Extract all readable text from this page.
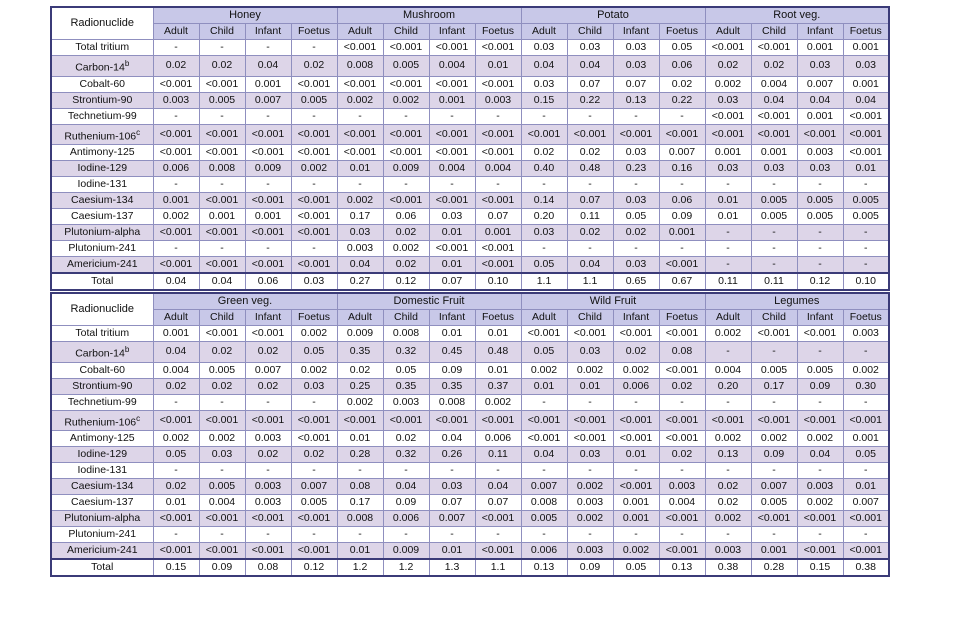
Radionuclide	Honey				Mushroom				Potato				Root veg.			
	Adult	Child	Infant	Foetus	Adult	Child	Infant	Foetus	Adult	Child	Infant	Foetus	Adult	Child	Infant	Foetus
Total tritium	-	-	-	-	<0.001	<0.001	<0.001	<0.001	0.03	0.03	0.03	0.05	<0.001	<0.001	0.001	0.001
Carbon-14$^b$	0.02	0.02	0.04	0.02	0.008	0.005	0.004	0.01	0.04	0.04	0.03	0.06	0.02	0.02	0.03	0.03
Cobalt-60	<0.001	<0.001	0.001	<0.001	<0.001	<0.001	<0.001	<0.001	0.03	0.07	0.07	0.02	0.002	0.004	0.007	0.001
Strontium-90	0.003	0.005	0.007	0.005	0.002	0.002	0.001	0.003	0.15	0.22	0.13	0.22	0.03	0.04	0.04	0.04
Technetium-99	-	-	-	-	-	-	-	-	-	-	-	-	<0.001	<0.001	0.001	<0.001
Ruthenium-$106^c$	<0.001	<0.001	<0.001	<0.001	<0.001	<0.001	<0.001	<0.001	<0.001	<0.001	<0.001	<0.001	<0.001	<0.001	<0.001	<0.001
Antimony-125	<0.001	<0.001	<0.001	<0.001	<0.001	<0.001	<0.001	<0.001	0.02	0.02	0.03	0.007	0.001	0.001	0.003	<0.001
Iodine-129	0.006	0.008	0.009	0.002	0.01	0.009	0.004	0.004	0.40	0.48	0.23	0.16	0.03	0.03	0.03	0.01
Iodine-131	-	-	-	-	-	-	-	-	-	-	-	-	-	-	-	-
Caesium-134	0.001	<0.001	<0.001	<0.001	0.002	<0.001	<0.001	<0.001	0.14	0.07	0.03	0.06	0.01	0.005	0.005	0.005
Caesium-137	0.002	0.001	0.001	<0.001	0.17	0.06	0.03	0.07	0.20	0.11	0.05	0.09	0.01	0.005	0.005	0.005
Plutonium-alpha	<0.001	<0.001	<0.001	<0.001	0.03	0.02	0.01	0.001	0.03	0.02	0.02	0.001	-	-	-	-
Plutonium-241	-	-	-	-	0.003	0.002	<0.001	<0.001	-	-	-	-	-	-	-	-
Americium-241	<0.001	<0.001	<0.001	<0.001	0.04	0.02	0.01	<0.001	0.05	0.04	0.03	<0.001	-	-	-	-
Total	0.04	0.04	0.06	0.03	0.27	0.12	0.07	0.10	1.1	1.1	0.65	0.67	0.11	0.11	0.12	0.10
Radionuclide	Green veg.				Domestic Fruit				Wild Fruit				Legumes			
	Adult	Child	Infant	Foetus	Adult	Child	Infant	Foetus	Adult	Child	Infant	Foetus	Adult	Child	Infant	Foetus
Total tritium	0.001	<0.001	<0.001	0.002	0.009	0.008	0.01	0.01	<0.001	<0.001	<0.001	<0.001	0.002	<0.001	<0.001	0.003
Carbon-14$^b$	0.04	0.02	0.02	0.05	0.35	0.32	0.45	0.48	0.05	0.03	0.02	0.08	-	-	-	-
Cobalt-60	0.004	0.005	0.007	0.002	0.02	0.05	0.09	0.01	0.002	0.002	0.002	<0.001	0.004	0.005	0.005	0.002
Strontium-90	0.02	0.02	0.02	0.03	0.25	0.35	0.35	0.37	0.01	0.01	0.006	0.02	0.20	0.17	0.09	0.30
Technetium-99	-	-	-	-	0.002	0.003	0.008	0.002	-	-	-	-	-	-	-	-
Ruthenium-$106^c$	<0.001	<0.001	<0.001	<0.001	<0.001	<0.001	<0.001	<0.001	<0.001	<0.001	<0.001	<0.001	<0.001	<0.001	<0.001	<0.001
Antimony-125	0.002	0.002	0.003	<0.001	0.01	0.02	0.04	0.006	<0.001	<0.001	<0.001	<0.001	0.002	0.002	0.002	0.001
Iodine-129	0.05	0.03	0.02	0.02	0.28	0.32	0.26	0.11	0.04	0.03	0.01	0.02	0.13	0.09	0.04	0.05
Iodine-131	-	-	-	-	-	-	-	-	-	-	-	-	-	-	-	-
Caesium-134	0.02	0.005	0.003	0.007	0.08	0.04	0.03	0.04	0.007	0.002	<0.001	0.003	0.02	0.007	0.003	0.01
Caesium-137	0.01	0.004	0.003	0.005	0.17	0.09	0.07	0.07	0.008	0.003	0.001	0.004	0.02	0.005	0.002	0.007
Plutonium-alpha	<0.001	<0.001	<0.001	<0.001	0.008	0.006	0.007	<0.001	0.005	0.002	0.001	<0.001	0.002	<0.001	<0.001	<0.001
Plutonium-241	-	-	-	-	-	-	-	-	-	-	-	-	-	-	-	-
Americium-241	<0.001	<0.001	<0.001	<0.001	0.01	0.009	0.01	<0.001	0.006	0.003	0.002	<0.001	0.003	0.001	<0.001	<0.001
Total	0.15	0.09	0.08	0.12	1.2	1.2	1.3	1.1	0.13	0.09	0.05	0.13	0.38	0.28	0.15	0.38
